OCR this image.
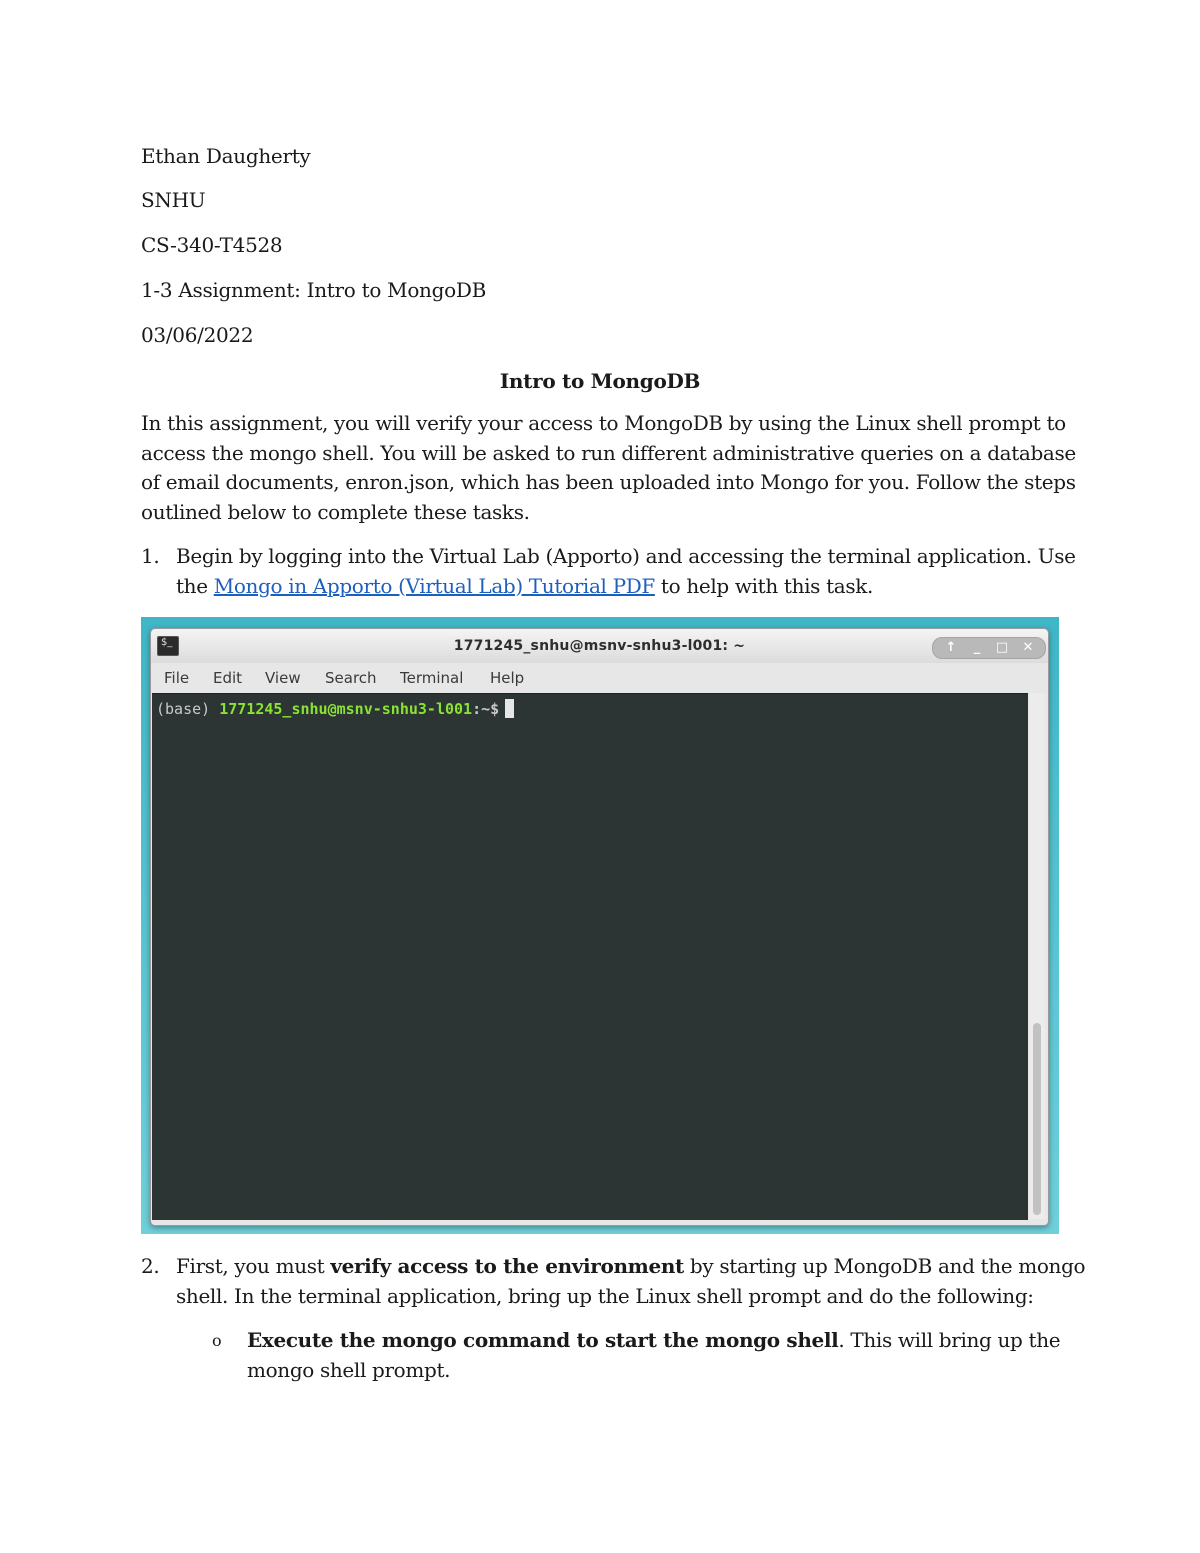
Ethan Daugherty
SNHU
CS-340-T4528
1-3 Assignment: Intro to MongoDB
03/06/2022
Intro to MongoDB

In this assignment, you will verify your access to MongoDB by using the Linux shell prompt to

access the mongo shell. You will be asked to run different administrative queries on a database

of email documents, enron.json, which has been uploaded into Mongo for you. Follow the steps

outlined below to complete these tasks.

1. Begin by logging into the Virtual Lab (Apporto) and accessing the terminal application. Use
the Mongo in Apporto (Virtual Lab) Tutorial PDF to help with this task.
$_	1771245_snhu@msnv-snhu3-l001: ~	↑	_	□	✕
File Edit View Search Terminal Help
(base) 1771245_snhu@msnv-snhu3-l001:~$
2. First, you must verify access to the environment by starting up MongoDB and the mongo
shell. In the terminal application, bring up the Linux shell prompt and do the following:
o Execute the mongo command to start the mongo shell. This will bring up the
mongo shell prompt.
